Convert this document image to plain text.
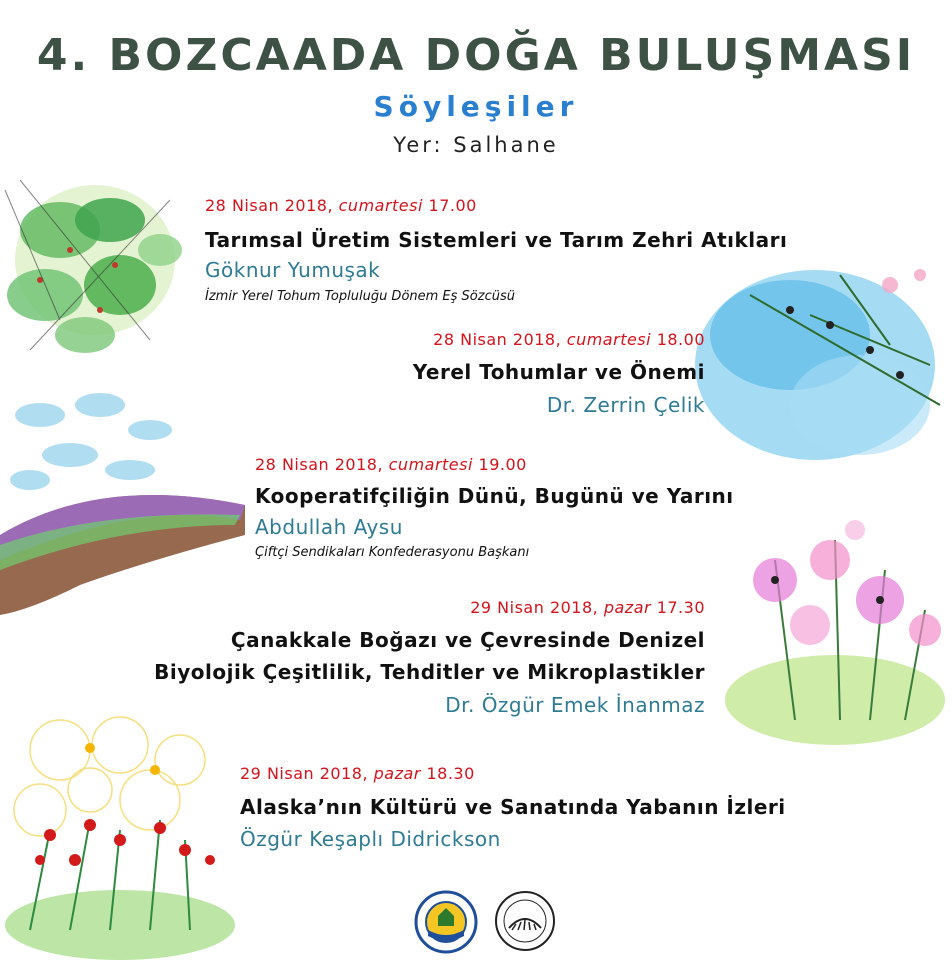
4. BOZCAADA DOĞA BULUŞMASI
Söyleşiler
Yer: Salhane
28 Nisan 2018, cumartesi 17.00
Tarımsal Üretim Sistemleri ve Tarım Zehri Atıkları
Göknur Yumuşak
İzmir Yerel Tohum Topluluğu Dönem Eş Sözcüsü
28 Nisan 2018, cumartesi 18.00
Yerel Tohumlar ve Önemi
Dr. Zerrin Çelik
28 Nisan 2018, cumartesi 19.00
Kooperatifçiliğin Dünü, Bugünü ve Yarını
Abdullah Aysu
Çiftçi Sendikaları Konfederasyonu Başkanı
29 Nisan 2018, pazar 17.30
Çanakkale Boğazı ve Çevresinde Denizel
Biyolojik Çeşitlilik, Tehditler ve Mikroplastikler
Dr. Özgür Emek İnanmaz
29 Nisan 2018, pazar 18.30
Alaska’nın Kültürü ve Sanatında Yabanın İzleri
Özgür Keşaplı Didrickson
